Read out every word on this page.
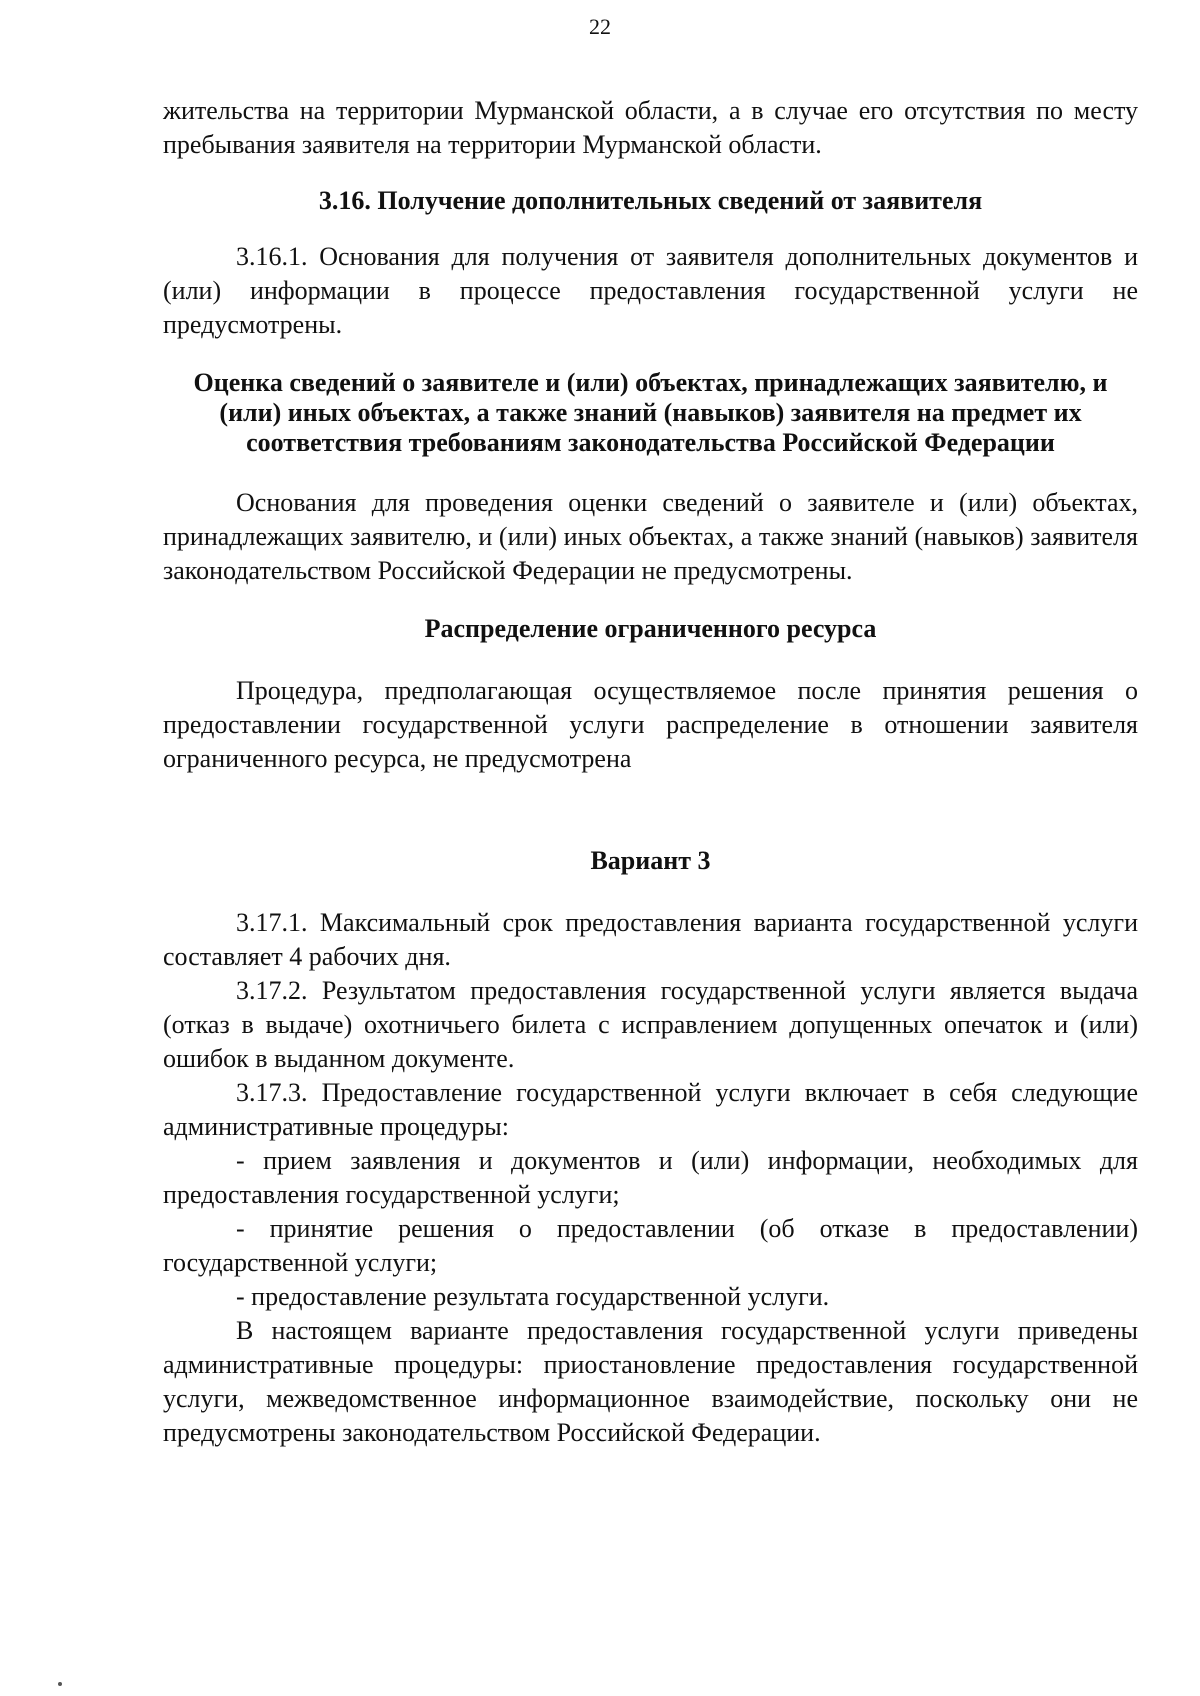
22

жительства на территории Мурманской области, а в случае его отсутствия по месту пребывания заявителя на территории Мурманской области.

3.16. Получение дополнительных сведений от заявителя

3.16.1. Основания для получения от заявителя дополнительных документов и (или) информации в процессе предоставления государственной услуги не предусмотрены.

Оценка сведений о заявителе и (или) объектах, принадлежащих заявителю, и (или) иных объектах, а также знаний (навыков) заявителя на предмет их соответствия требованиям законодательства Российской Федерации

Основания для проведения оценки сведений о заявителе и (или) объектах, принадлежащих заявителю, и (или) иных объектах, а также знаний (навыков) заявителя законодательством Российской Федерации не предусмотрены.

Распределение ограниченного ресурса

Процедура, предполагающая осуществляемое после принятия решения о предоставлении государственной услуги распределение в отношении заявителя ограниченного ресурса, не предусмотрена

Вариант 3

3.17.1. Максимальный срок предоставления варианта государственной услуги составляет 4 рабочих дня.

3.17.2. Результатом предоставления государственной услуги является выдача (отказ в выдаче) охотничьего билета с исправлением допущенных опечаток и (или) ошибок в выданном документе.

3.17.3. Предоставление государственной услуги включает в себя следующие административные процедуры:

- прием заявления и документов и (или) информации, необходимых для предоставления государственной услуги;

- принятие решения о предоставлении (об отказе в предоставлении) государственной услуги;

- предоставление результата государственной услуги.

В настоящем варианте предоставления государственной услуги приведены административные процедуры: приостановление предоставления государственной услуги, межведомственное информационное взаимодействие, поскольку они не предусмотрены законодательством Российской Федерации.
